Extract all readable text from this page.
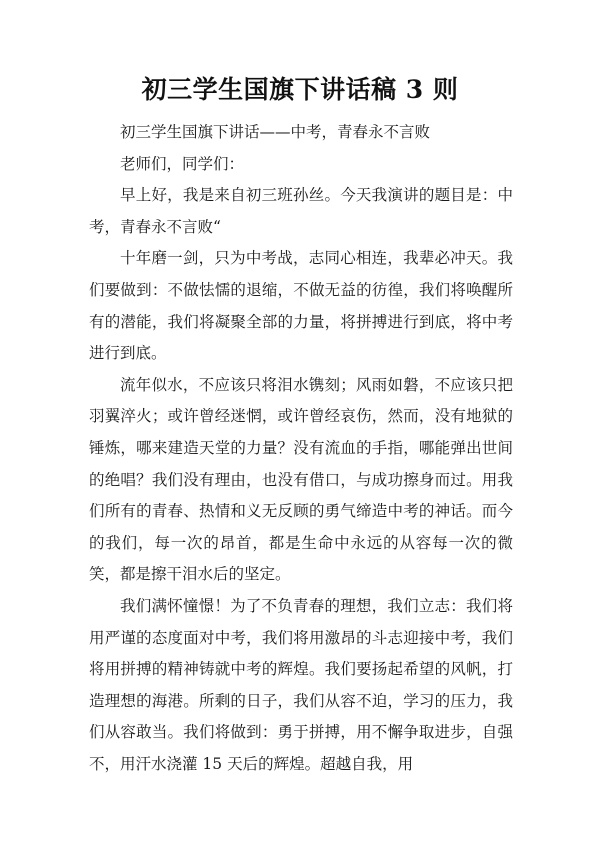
初三学生国旗下讲话稿 3 则

初三学生国旗下讲话——中考，青春永不言败

老师们，同学们：

早上好，我是来自初三班孙丝。今天我演讲的题目是：中考，青春永不言败“

十年磨一剑，只为中考战，志同心相连，我辈必冲天。我们要做到：不做怯懦的退缩，不做无益的彷徨，我们将唤醒所有的潜能，我们将凝聚全部的力量，将拼搏进行到底，将中考进行到底。

流年似水，不应该只将泪水镌刻；风雨如磐，不应该只把羽翼淬火；或许曾经迷惘，或许曾经哀伤，然而，没有地狱的锤炼，哪来建造天堂的力量？没有流血的手指，哪能弹出世间的绝唱？我们没有理由，也没有借口，与成功擦身而过。用我们所有的青春、热情和义无反顾的勇气缔造中考的神话。而今的我们，每一次的昂首，都是生命中永远的从容每一次的微笑，都是擦干泪水后的坚定。

我们满怀憧憬！为了不负青春的理想，我们立志：我们将用严谨的态度面对中考，我们将用激昂的斗志迎接中考，我们将用拼搏的精神铸就中考的辉煌。我们要扬起希望的风帆，打造理想的海港。所剩的日子，我们从容不迫，学习的压力，我们从容敢当。我们将做到：勇于拼搏，用不懈争取进步，自强不，用汗水浇灌 15 天后的辉煌。超越自我，用
